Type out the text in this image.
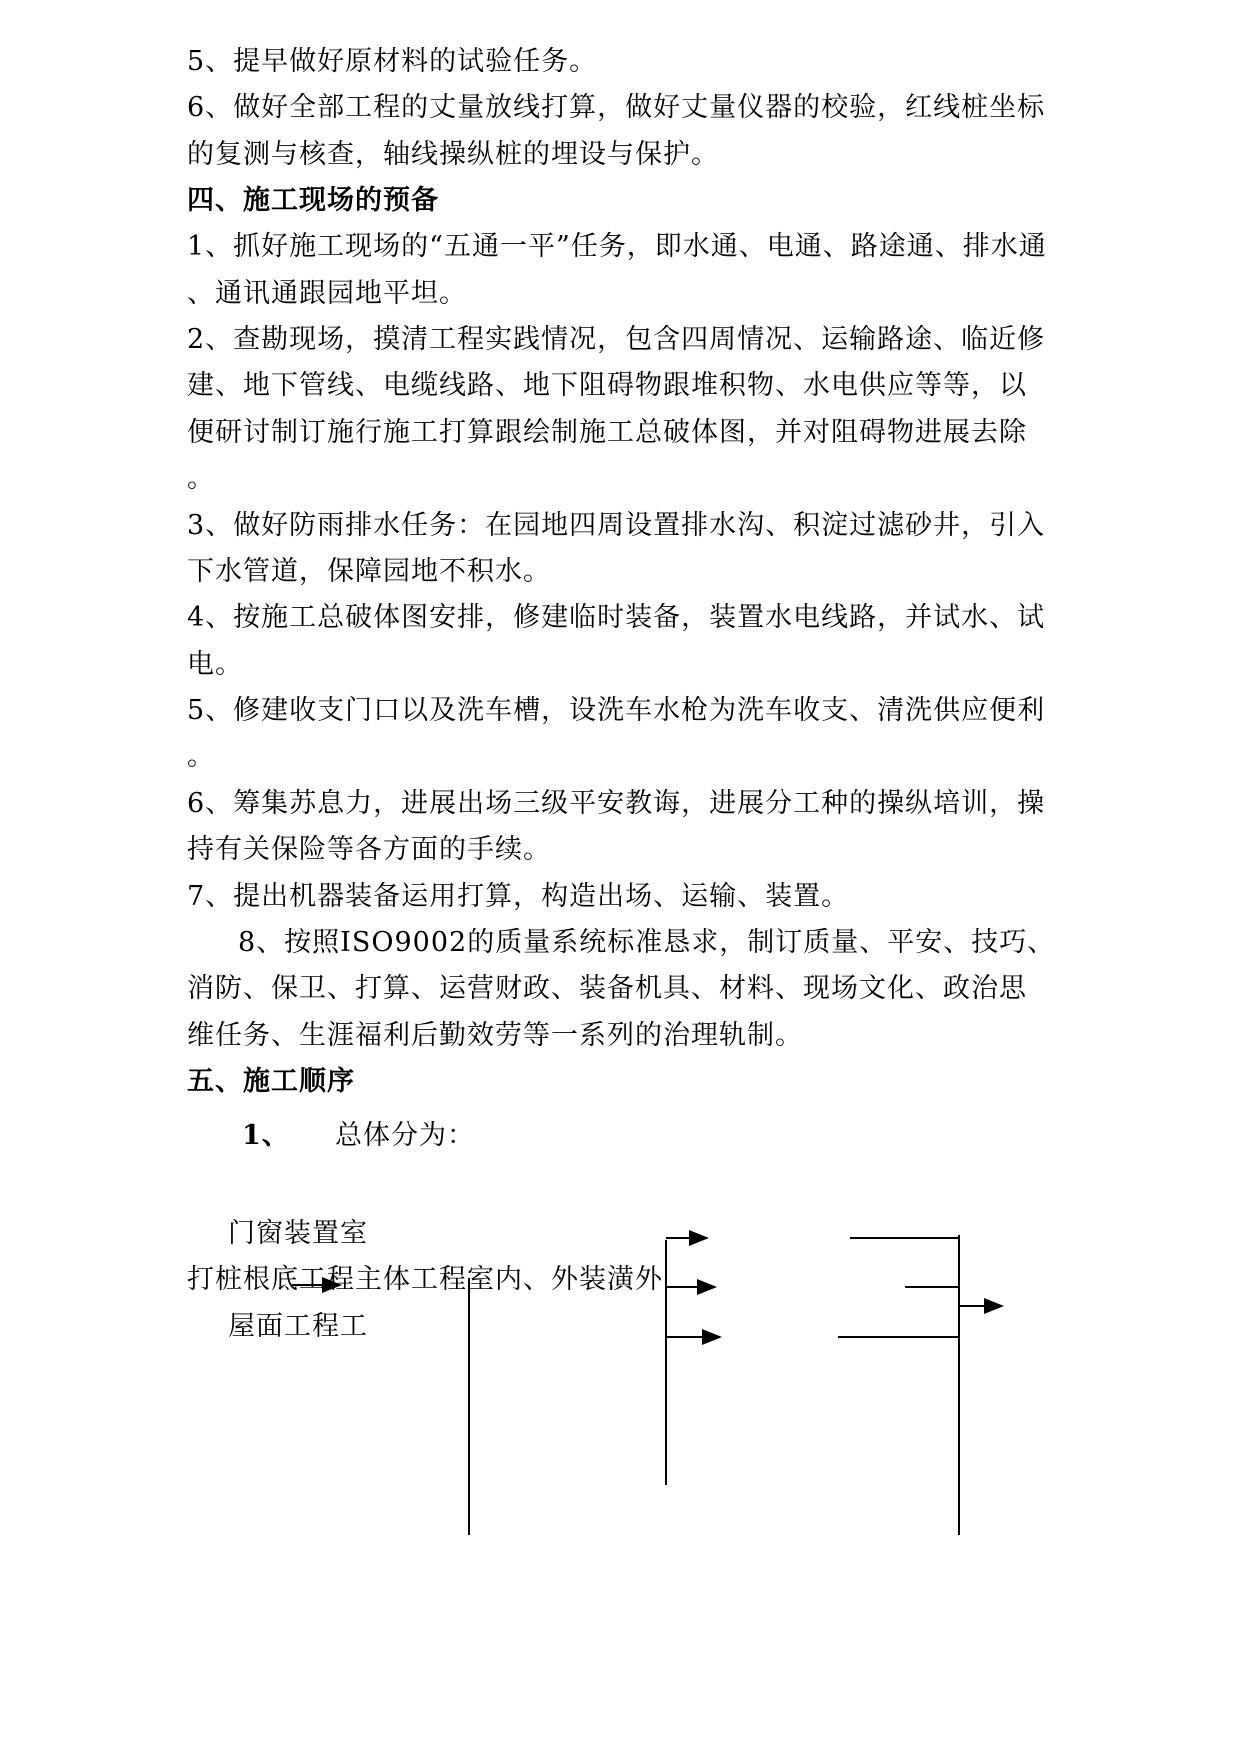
5、提早做好原材料的试验任务。
6、做好全部工程的丈量放线打算，做好丈量仪器的校验，红线桩坐标
的复测与核查，轴线操纵桩的埋设与保护。
四、施工现场的预备
1、抓好施工现场的“五通一平”任务，即水通、电通、路途通、排水通
、通讯通跟园地平坦。
2、查勘现场，摸清工程实践情况，包含四周情况、运输路途、临近修
建、地下管线、电缆线路、地下阻碍物跟堆积物、水电供应等等，以
便研讨制订施行施工打算跟绘制施工总破体图，并对阻碍物进展去除
。
3、做好防雨排水任务：在园地四周设置排水沟、积淀过滤砂井，引入
下水管道，保障园地不积水。
4、按施工总破体图安排，修建临时装备，装置水电线路，并试水、试
电。
5、修建收支门口以及洗车槽，设洗车水枪为洗车收支、清洗供应便利
。
6、筹集苏息力，进展出场三级平安教诲，进展分工种的操纵培训，操
持有关保险等各方面的手续。
7、提出机器装备运用打算，构造出场、运输、装置。
8、按照ISO9002的质量系统标准恳求，制订质量、平安、技巧、
消防、保卫、打算、运营财政、装备机具、材料、现场文化、政治思
维任务、生涯福利后勤效劳等一系列的治理轨制。
五、施工顺序
1、 总体分为：
门窗装置室
打桩根底工程主体工程室内、外装潢外
屋面工程工
